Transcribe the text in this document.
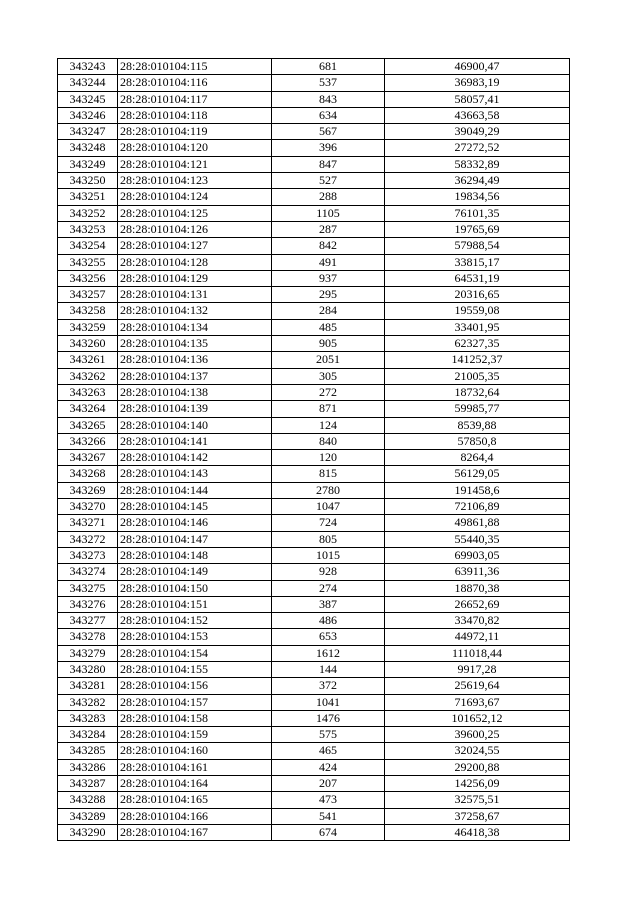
343243	28:28:010104:115	681	46900,47
343244	28:28:010104:116	537	36983,19
343245	28:28:010104:117	843	58057,41
343246	28:28:010104:118	634	43663,58
343247	28:28:010104:119	567	39049,29
343248	28:28:010104:120	396	27272,52
343249	28:28:010104:121	847	58332,89
343250	28:28:010104:123	527	36294,49
343251	28:28:010104:124	288	19834,56
343252	28:28:010104:125	1105	76101,35
343253	28:28:010104:126	287	19765,69
343254	28:28:010104:127	842	57988,54
343255	28:28:010104:128	491	33815,17
343256	28:28:010104:129	937	64531,19
343257	28:28:010104:131	295	20316,65
343258	28:28:010104:132	284	19559,08
343259	28:28:010104:134	485	33401,95
343260	28:28:010104:135	905	62327,35
343261	28:28:010104:136	2051	141252,37
343262	28:28:010104:137	305	21005,35
343263	28:28:010104:138	272	18732,64
343264	28:28:010104:139	871	59985,77
343265	28:28:010104:140	124	8539,88
343266	28:28:010104:141	840	57850,8
343267	28:28:010104:142	120	8264,4
343268	28:28:010104:143	815	56129,05
343269	28:28:010104:144	2780	191458,6
343270	28:28:010104:145	1047	72106,89
343271	28:28:010104:146	724	49861,88
343272	28:28:010104:147	805	55440,35
343273	28:28:010104:148	1015	69903,05
343274	28:28:010104:149	928	63911,36
343275	28:28:010104:150	274	18870,38
343276	28:28:010104:151	387	26652,69
343277	28:28:010104:152	486	33470,82
343278	28:28:010104:153	653	44972,11
343279	28:28:010104:154	1612	111018,44
343280	28:28:010104:155	144	9917,28
343281	28:28:010104:156	372	25619,64
343282	28:28:010104:157	1041	71693,67
343283	28:28:010104:158	1476	101652,12
343284	28:28:010104:159	575	39600,25
343285	28:28:010104:160	465	32024,55
343286	28:28:010104:161	424	29200,88
343287	28:28:010104:164	207	14256,09
343288	28:28:010104:165	473	32575,51
343289	28:28:010104:166	541	37258,67
343290	28:28:010104:167	674	46418,38
